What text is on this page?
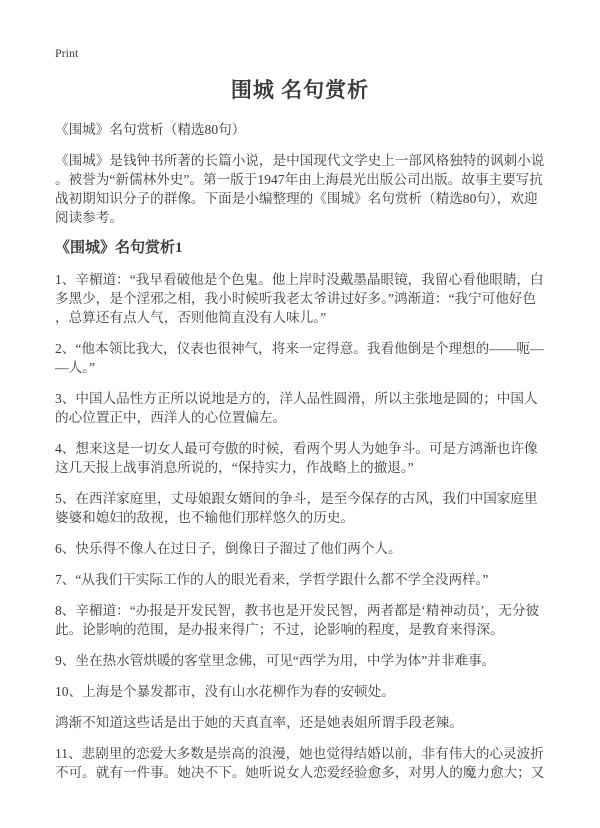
Print
围城 名句赏析

《围城》名句赏析（精选80句）

《围城》是钱钟书所著的长篇小说，是中国现代文学史上一部风格独特的讽刺小说。被誉为“新儒林外史”。第一版于1947年由上海晨光出版公司出版。故事主要写抗战初期知识分子的群像。下面是小编整理的《围城》名句赏析（精选80句），欢迎阅读参考。

《围城》名句赏析1

1、辛楣道：“我早看破他是个色鬼。他上岸时没戴墨晶眼镜，我留心看他眼睛，白多黑少，是个淫邪之相，我小时候听我老太爷讲过好多。”鸿渐道：“我宁可他好色，总算还有点人气，否则他简直没有人味儿。”

2、“他本领比我大，仪表也很神气，将来一定得意。我看他倒是个理想的——呃——人。”

3、中国人品性方正所以说地是方的，洋人品性圆滑，所以主张地是圆的；中国人的心位置正中，西洋人的心位置偏左。

4、想来这是一切女人最可夸傲的时候，看两个男人为她争斗。可是方鸿渐也许像这几天报上战事消息所说的，“保持实力，作战略上的撤退。”

5、在西洋家庭里，丈母娘跟女婿间的争斗，是至今保存的古风，我们中国家庭里婆婆和媳妇的敌视，也不输他们那样悠久的历史。

6、快乐得不像人在过日子，倒像日子溜过了他们两个人。

7、“从我们干实际工作的人的眼光看来，学哲学跟什么都不学全没两样。”

8、辛楣道：“办报是开发民智，教书也是开发民智，两者都是‘精神动员’，无分彼此。论影响的范围，是办报来得广；不过，论影响的程度，是教育来得深。

9、坐在热水管烘暖的客堂里念佛，可见“西学为用，中学为体”并非难事。

10、上海是个暴发都市，没有山水花柳作为春的安顿处。

鸿渐不知道这些话是出于她的天真直率，还是她表姐所谓手段老辣。

11、悲剧里的恋爱大多数是崇高的浪漫，她也觉得结婚以前，非有伟大的心灵波折不可。就有一件事。她决不下。她听说女人恋爱经验愈多，对男人的魔力愈大；又
